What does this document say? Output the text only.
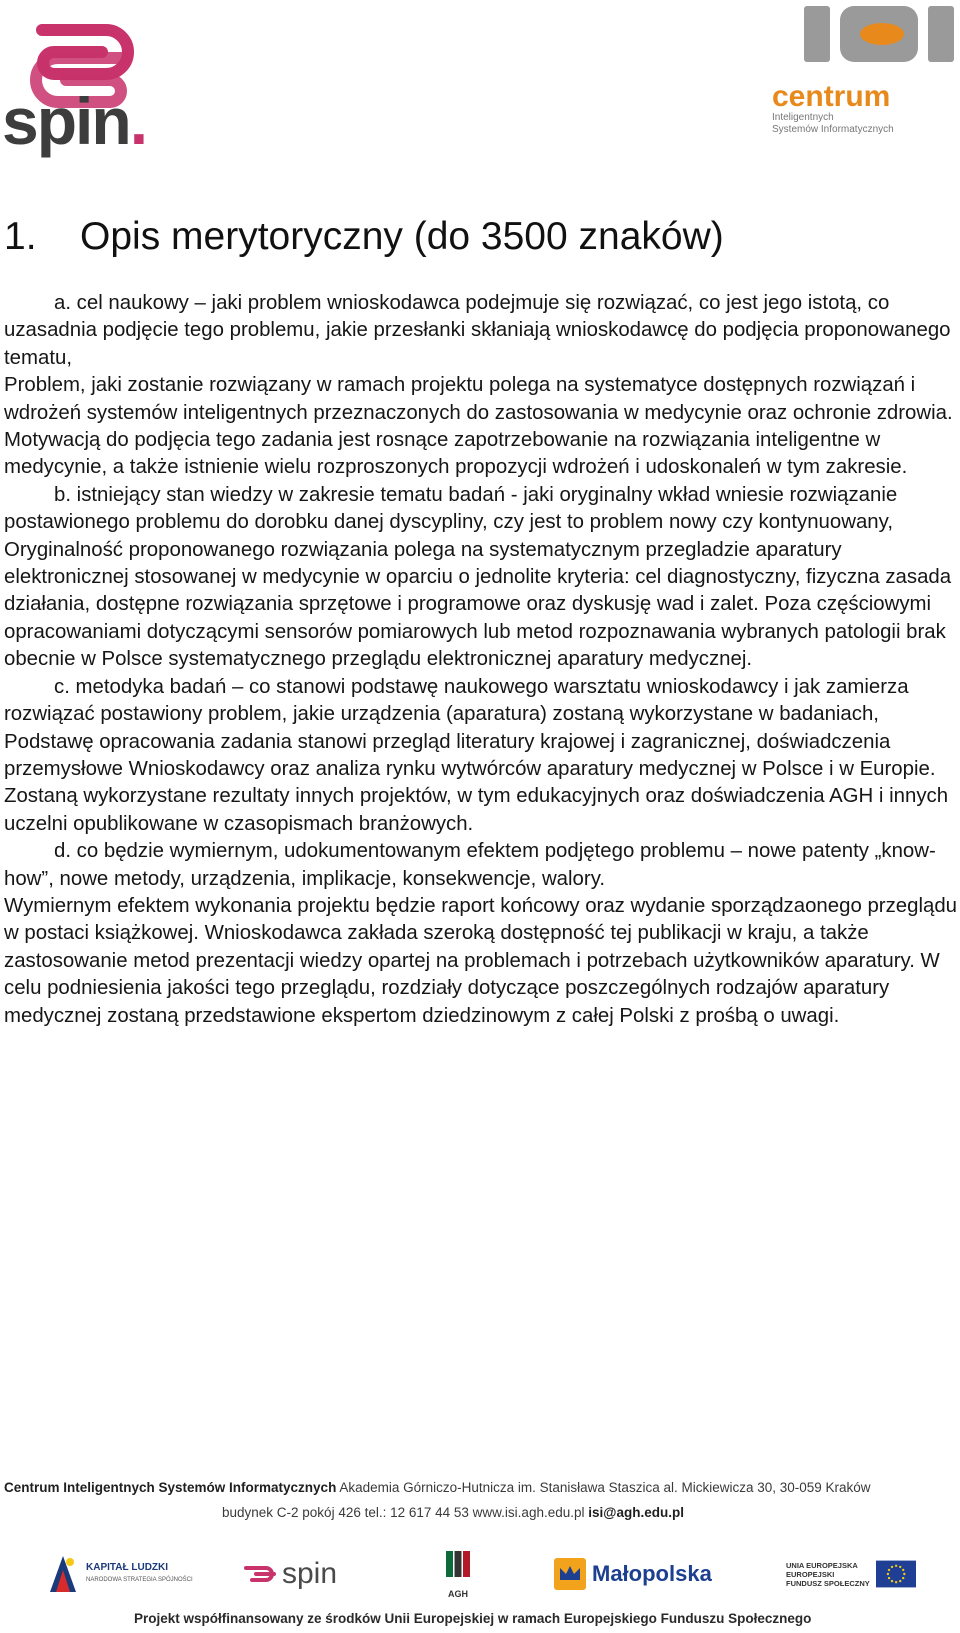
spin.	centrum
Inteligentnych
Systemów Informatycznych
1. Opis merytoryczny (do 3500 znaków)

a. cel naukowy – jaki problem wnioskodawca podejmuje się rozwiązać, co jest jego istotą, co uzasadnia podjęcie tego problemu, jakie przesłanki skłaniają wnioskodawcę do podjęcia proponowanego tematu,

Problem, jaki zostanie rozwiązany w ramach projektu polega na systematyce dostępnych rozwiązań i wdrożeń systemów inteligentnych przeznaczonych do zastosowania w medycynie oraz ochronie zdrowia. Motywacją do podjęcia tego zadania jest rosnące zapotrzebowanie na rozwiązania inteligentne w medycynie, a także istnienie wielu rozproszonych propozycji wdrożeń i udoskonaleń w tym zakresie.

b. istniejący stan wiedzy w zakresie tematu badań - jaki oryginalny wkład wniesie rozwiązanie postawionego problemu do dorobku danej dyscypliny, czy jest to problem nowy czy kontynuowany,

Oryginalność proponowanego rozwiązania polega na systematycznym przegladzie aparatury elektronicznej stosowanej w medycynie w oparciu o jednolite kryteria: cel diagnostyczny, fizyczna zasada działania, dostępne rozwiązania sprzętowe i programowe oraz dyskusję wad i zalet. Poza częściowymi opracowaniami dotyczącymi sensorów pomiarowych lub metod rozpoznawania wybranych patologii brak obecnie w Polsce systematycznego przeglądu elektronicznej aparatury medycznej.

c. metodyka badań – co stanowi podstawę naukowego warsztatu wnioskodawcy i jak zamierza rozwiązać postawiony problem, jakie urządzenia (aparatura) zostaną wykorzystane w badaniach,

Podstawę opracowania zadania stanowi przegląd literatury krajowej i zagranicznej, doświadczenia przemysłowe Wnioskodawcy oraz analiza rynku wytwórców aparatury medycznej w Polsce i w Europie. Zostaną wykorzystane rezultaty innych projektów, w tym edukacyjnych oraz doświadczenia AGH i innych uczelni opublikowane w czasopismach branżowych.

d. co będzie wymiernym, udokumentowanym efektem podjętego problemu – nowe patenty „know-how”, nowe metody, urządzenia, implikacje, konsekwencje, walory.

Wymiernym efektem wykonania projektu będzie raport końcowy oraz wydanie sporządzaonego przeglądu w postaci książkowej. Wnioskodawca zakłada szeroką dostępność tej publikacji w kraju, a także zastosowanie metod prezentacji wiedzy opartej na problemach i potrzebach użytkowników aparatury. W celu podniesienia jakości tego przeglądu, rozdziały dotyczące poszczególnych rodzajów aparatury medycznej zostaną przedstawione ekspertom dziedzinowym z całej Polski z prośbą o uwagi.

Centrum Inteligentnych Systemów Informatycznych Akademia Górniczo-Hutnicza im. Stanisława Staszica al. Mickiewicza 30, 30-059 Kraków
budynek C-2 pokój 426 tel.: 12 617 44 53 www.isi.agh.edu.pl isi@agh.edu.pl
KAPITAŁ LUDZKI
NARODOWA STRATEGIA SPÓJNOŚCI	spin
AGH
Małopolska	UNIA EUROPEJSKA
EUROPEJSKI
FUNDUSZ SPOŁECZNY
Projekt współfinansowany ze środków Unii Europejskiej w ramach Europejskiego Funduszu Społecznego
